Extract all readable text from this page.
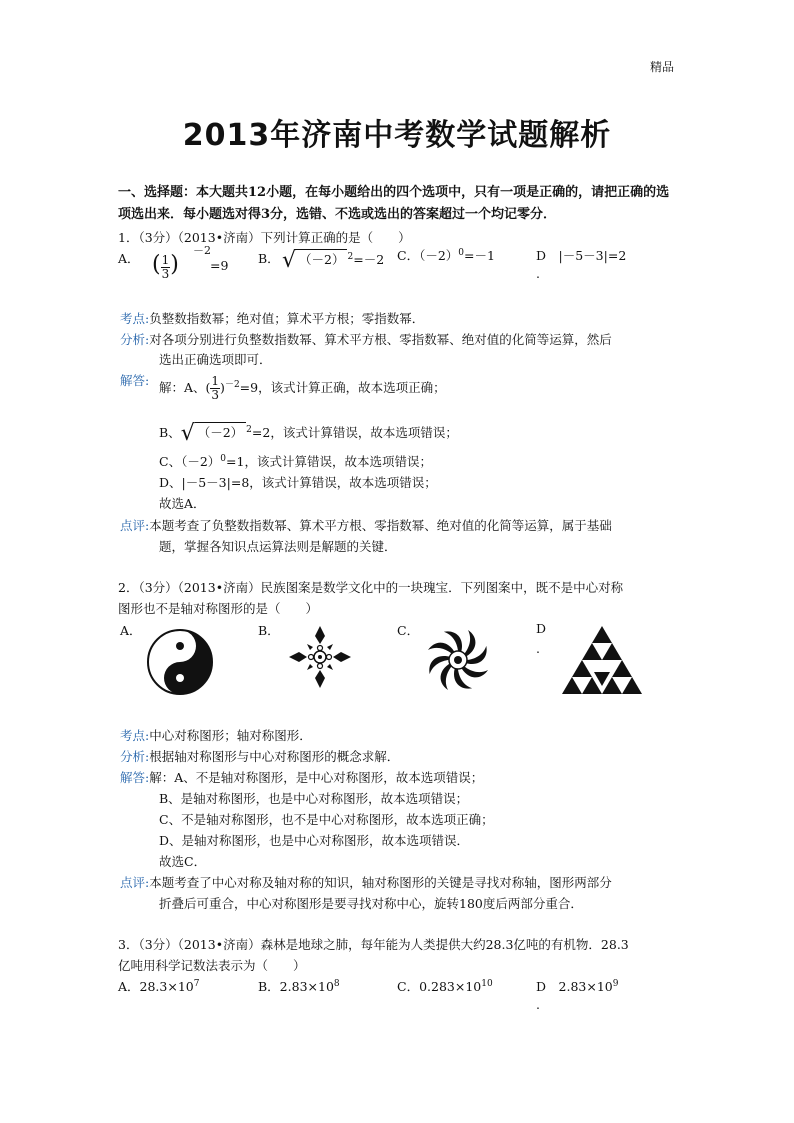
精品
2013年济南中考数学试题解析
一、选择题：本大题共12小题，在每小题给出的四个选项中，只有一项是正确的，请把正确的选项选出来．每小题选对得3分，选错、不选或选出的答案超过一个均记零分．
1．（3分）（2013•济南）下列计算正确的是（　　）
A． ( $\frac{1}{3}$ )
－2
=9 B． √ （－2） $^2$=－2 C．$(-2)^0=-1$	D　|－5－3|=2
.
考点:负整数指数幂；绝对值；算术平方根；零指数幂．
分析:对各项分别进行负整数指数幂、算术平方根、零指数幂、绝对值的化简等运算，然后
选出正确选项即可．
解答: 解：A、( $\frac{1}{3} )^{-2}=9$，该式计算正确，故本选项正确；
B、√ （－2） $^2$=2，该式计算错误，故本选项错误；
C、$(-2)^0=1$，该式计算错误，故本选项错误；
D、|－5－3|=8，该式计算错误，故本选项错误；
故选A．
点评:本题考查了负整数指数幂、算术平方根、零指数幂、绝对值的化简等运算，属于基础
题，掌握各知识点运算法则是解题的关键．
2．（3分）（2013•济南）民族图案是数学文化中的一块瑰宝．下列图案中，既不是中心对称
图形也不是轴对称图形的是（　　）
A．	B．	C．	D
.
考点:中心对称图形；轴对称图形．
分析:根据轴对称图形与中心对称图形的概念求解．
解答:解：A、不是轴对称图形，是中心对称图形，故本选项错误；
B、是轴对称图形，也是中心对称图形，故本选项错误；
C、不是轴对称图形，也不是中心对称图形，故本选项正确；
D、是轴对称图形，也是中心对称图形，故本选项错误．
故选C．
点评:本题考查了中心对称及轴对称的知识，轴对称图形的关键是寻找对称轴，图形两部分
折叠后可重合，中心对称图形是要寻找对称中心，旋转180度后两部分重合．
3．（3分）（2013•济南）森林是地球之肺，每年能为人类提供大约28.3亿吨的有机物．28.3
亿吨用科学记数法表示为（　　）
A．$28.3\times 10^7$	B．$2.83\times 10^8$	C．$0.283\times 10^{10}$	D　$2.83\times 10^9$
.
